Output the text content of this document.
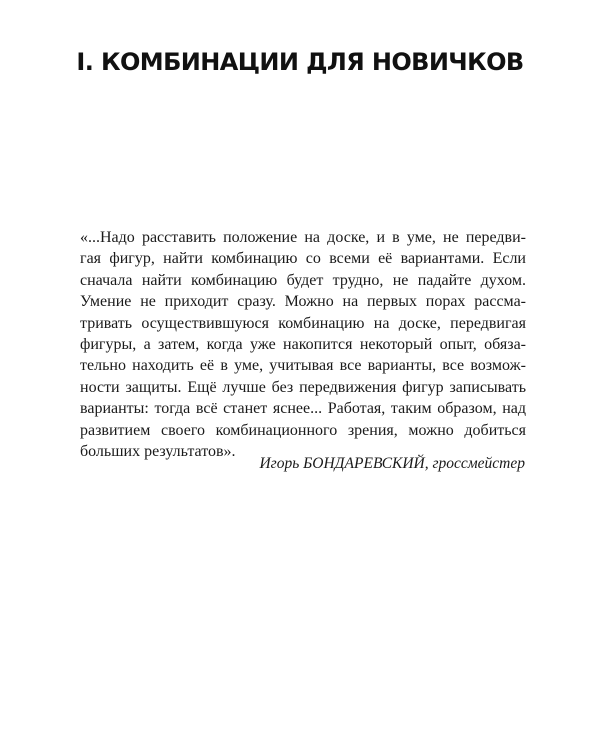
I. КОМБИНАЦИИ ДЛЯ НОВИЧКОВ
«...Надо расставить положение на доске, и в уме, не передви-
гая фигур, найти комбинацию со всеми её вариантами. Если
сначала найти комбинацию будет трудно, не падайте духом.
Умение не приходит сразу. Можно на первых порах рассма-
тривать осуществившуюся комбинацию на доске, передвигая
фигуры, а затем, когда уже накопится некоторый опыт, обяза-
тельно находить её в уме, учитывая все варианты, все возмож-
ности защиты. Ещё лучше без передвижения фигур записывать
варианты: тогда всё станет яснее... Работая, таким образом, над
развитием своего комбинационного зрения, можно добиться
больших результатов».
Игорь БОНДАРЕВСКИЙ, гроссмейстер
